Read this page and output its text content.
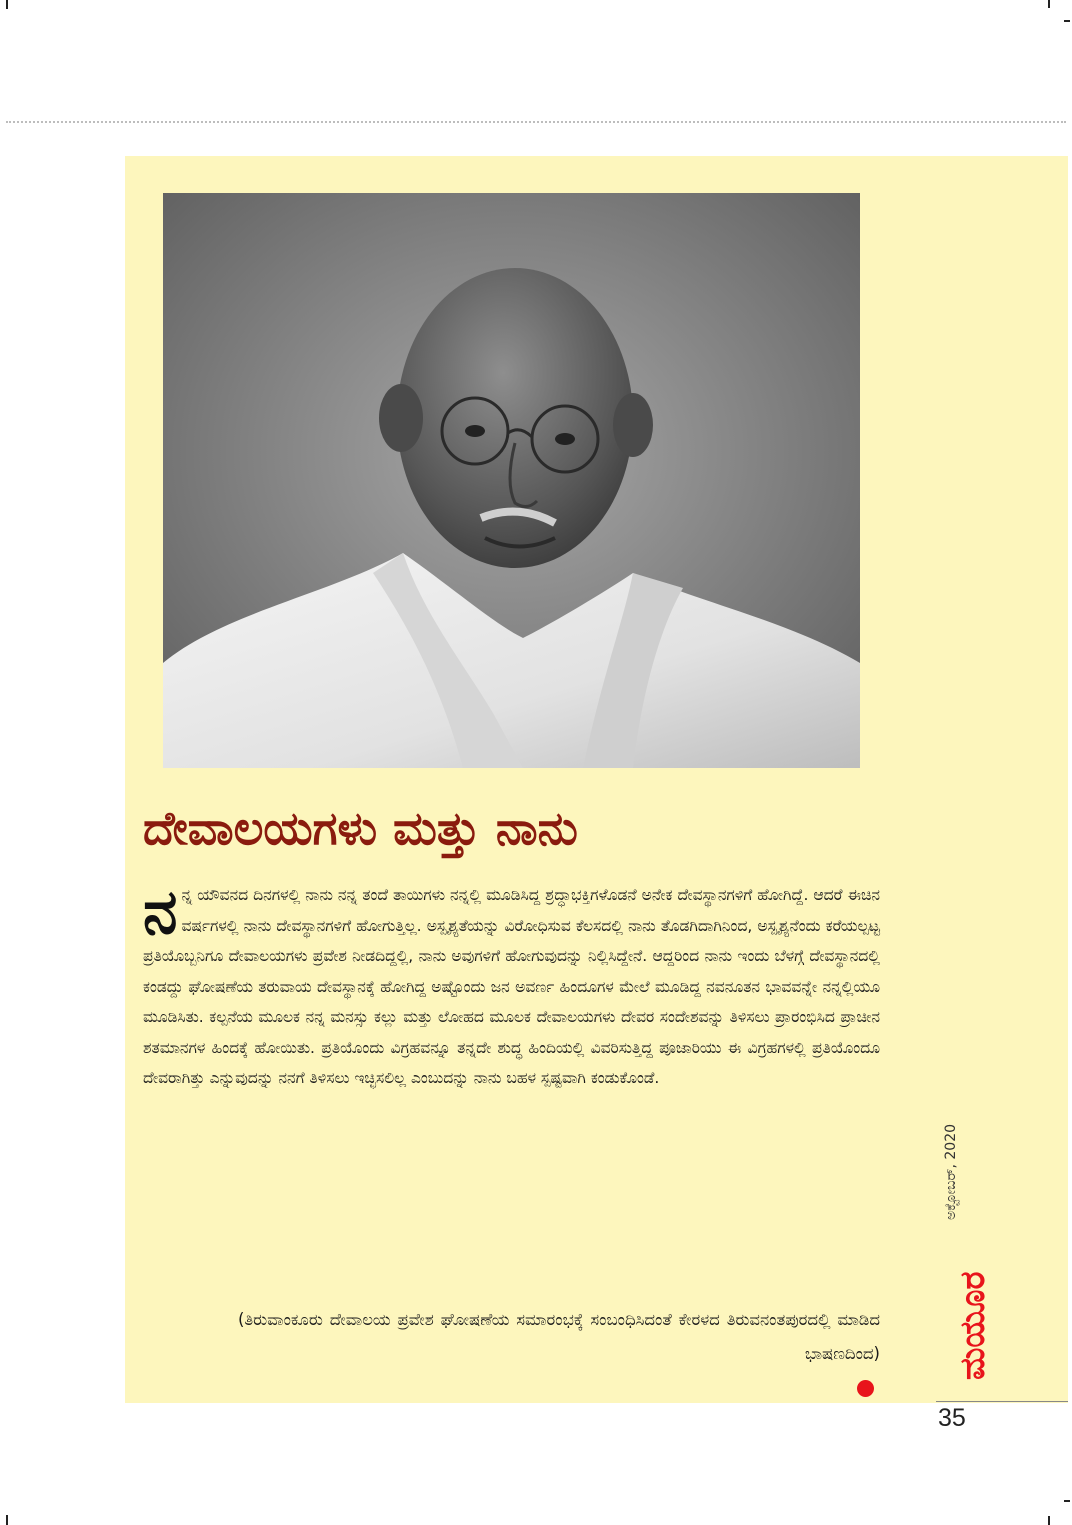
ದೇವಾಲಯಗಳು ಮತ್ತು ನಾನು

ನನ್ನ ಯೌವನದ ದಿನಗಳಲ್ಲಿ ನಾನು ನನ್ನ ತಂದೆ ತಾಯಿಗಳು ನನ್ನಲ್ಲಿ ಮೂಡಿಸಿದ್ದ ಶ್ರದ್ಧಾಭಕ್ತಿಗಳೊಡನೆ ಅನೇಕ ದೇವಸ್ಥಾನಗಳಿಗೆ ಹೋಗಿದ್ದೆ. ಆದರೆ ಈಚಿನ ವರ್ಷಗಳಲ್ಲಿ ನಾನು ದೇವಸ್ಥಾನಗಳಿಗೆ ಹೋಗುತ್ತಿಲ್ಲ. ಅಸ್ಪೃಶ್ಯತೆಯನ್ನು ವಿರೋಧಿಸುವ ಕೆಲಸದಲ್ಲಿ ನಾನು ತೊಡಗಿದಾಗಿನಿಂದ, ಅಸ್ಪೃಶ್ಯನೆಂದು ಕರೆಯಲ್ಪಟ್ಟ ಪ್ರತಿಯೊಬ್ಬನಿಗೂ ದೇವಾಲಯಗಳು ಪ್ರವೇಶ ನೀಡದಿದ್ದಲ್ಲಿ, ನಾನು ಅವುಗಳಿಗೆ ಹೋಗುವುದನ್ನು ನಿಲ್ಲಿಸಿದ್ದೇನೆ. ಆದ್ದರಿಂದ ನಾನು ಇಂದು ಬೆಳಗ್ಗೆ ದೇವಸ್ಥಾನದಲ್ಲಿ ಕಂಡದ್ದು ಘೋಷಣೆಯ ತರುವಾಯ ದೇವಸ್ಥಾನಕ್ಕೆ ಹೋಗಿದ್ದ ಅಷ್ಟೊಂದು ಜನ ಅವರ್ಣ ಹಿಂದೂಗಳ ಮೇಲೆ ಮೂಡಿದ್ದ ನವನೂತನ ಭಾವವನ್ನೇ ನನ್ನಲ್ಲಿಯೂ ಮೂಡಿಸಿತು. ಕಲ್ಪನೆಯ ಮೂಲಕ ನನ್ನ ಮನಸ್ಸು ಕಲ್ಲು ಮತ್ತು ಲೋಹದ ಮೂಲಕ ದೇವಾಲಯಗಳು ದೇವರ ಸಂದೇಶವನ್ನು ತಿಳಿಸಲು ಪ್ರಾರಂಭಿಸಿದ ಪ್ರಾಚೀನ ಶತಮಾನಗಳ ಹಿಂದಕ್ಕೆ ಹೋಯಿತು. ಪ್ರತಿಯೊಂದು ವಿಗ್ರಹವನ್ನೂ ತನ್ನದೇ ಶುದ್ಧ ಹಿಂದಿಯಲ್ಲಿ ವಿವರಿಸುತ್ತಿದ್ದ ಪೂಜಾರಿಯು ಈ ವಿಗ್ರಹಗಳಲ್ಲಿ ಪ್ರತಿಯೊಂದೂ ದೇವರಾಗಿತ್ತು ಎನ್ನುವುದನ್ನು ನನಗೆ ತಿಳಿಸಲು ಇಚ್ಛಿಸಲಿಲ್ಲ ಎಂಬುದನ್ನು ನಾನು ಬಹಳ ಸ್ಪಷ್ಟವಾಗಿ ಕಂಡುಕೊಂಡೆ.

(ತಿರುವಾಂಕೂರು ದೇವಾಲಯ ಪ್ರವೇಶ ಘೋಷಣೆಯ ಸಮಾರಂಭಕ್ಕೆ ಸಂಬಂಧಿಸಿದಂತೆ ಕೇರಳದ ತಿರುವನಂತಪುರದಲ್ಲಿ ಮಾಡಿದ ಭಾಷಣದಿಂದ)

ಅಕ್ಟೋಬರ್, 2020
ಮಯೂರ

35
